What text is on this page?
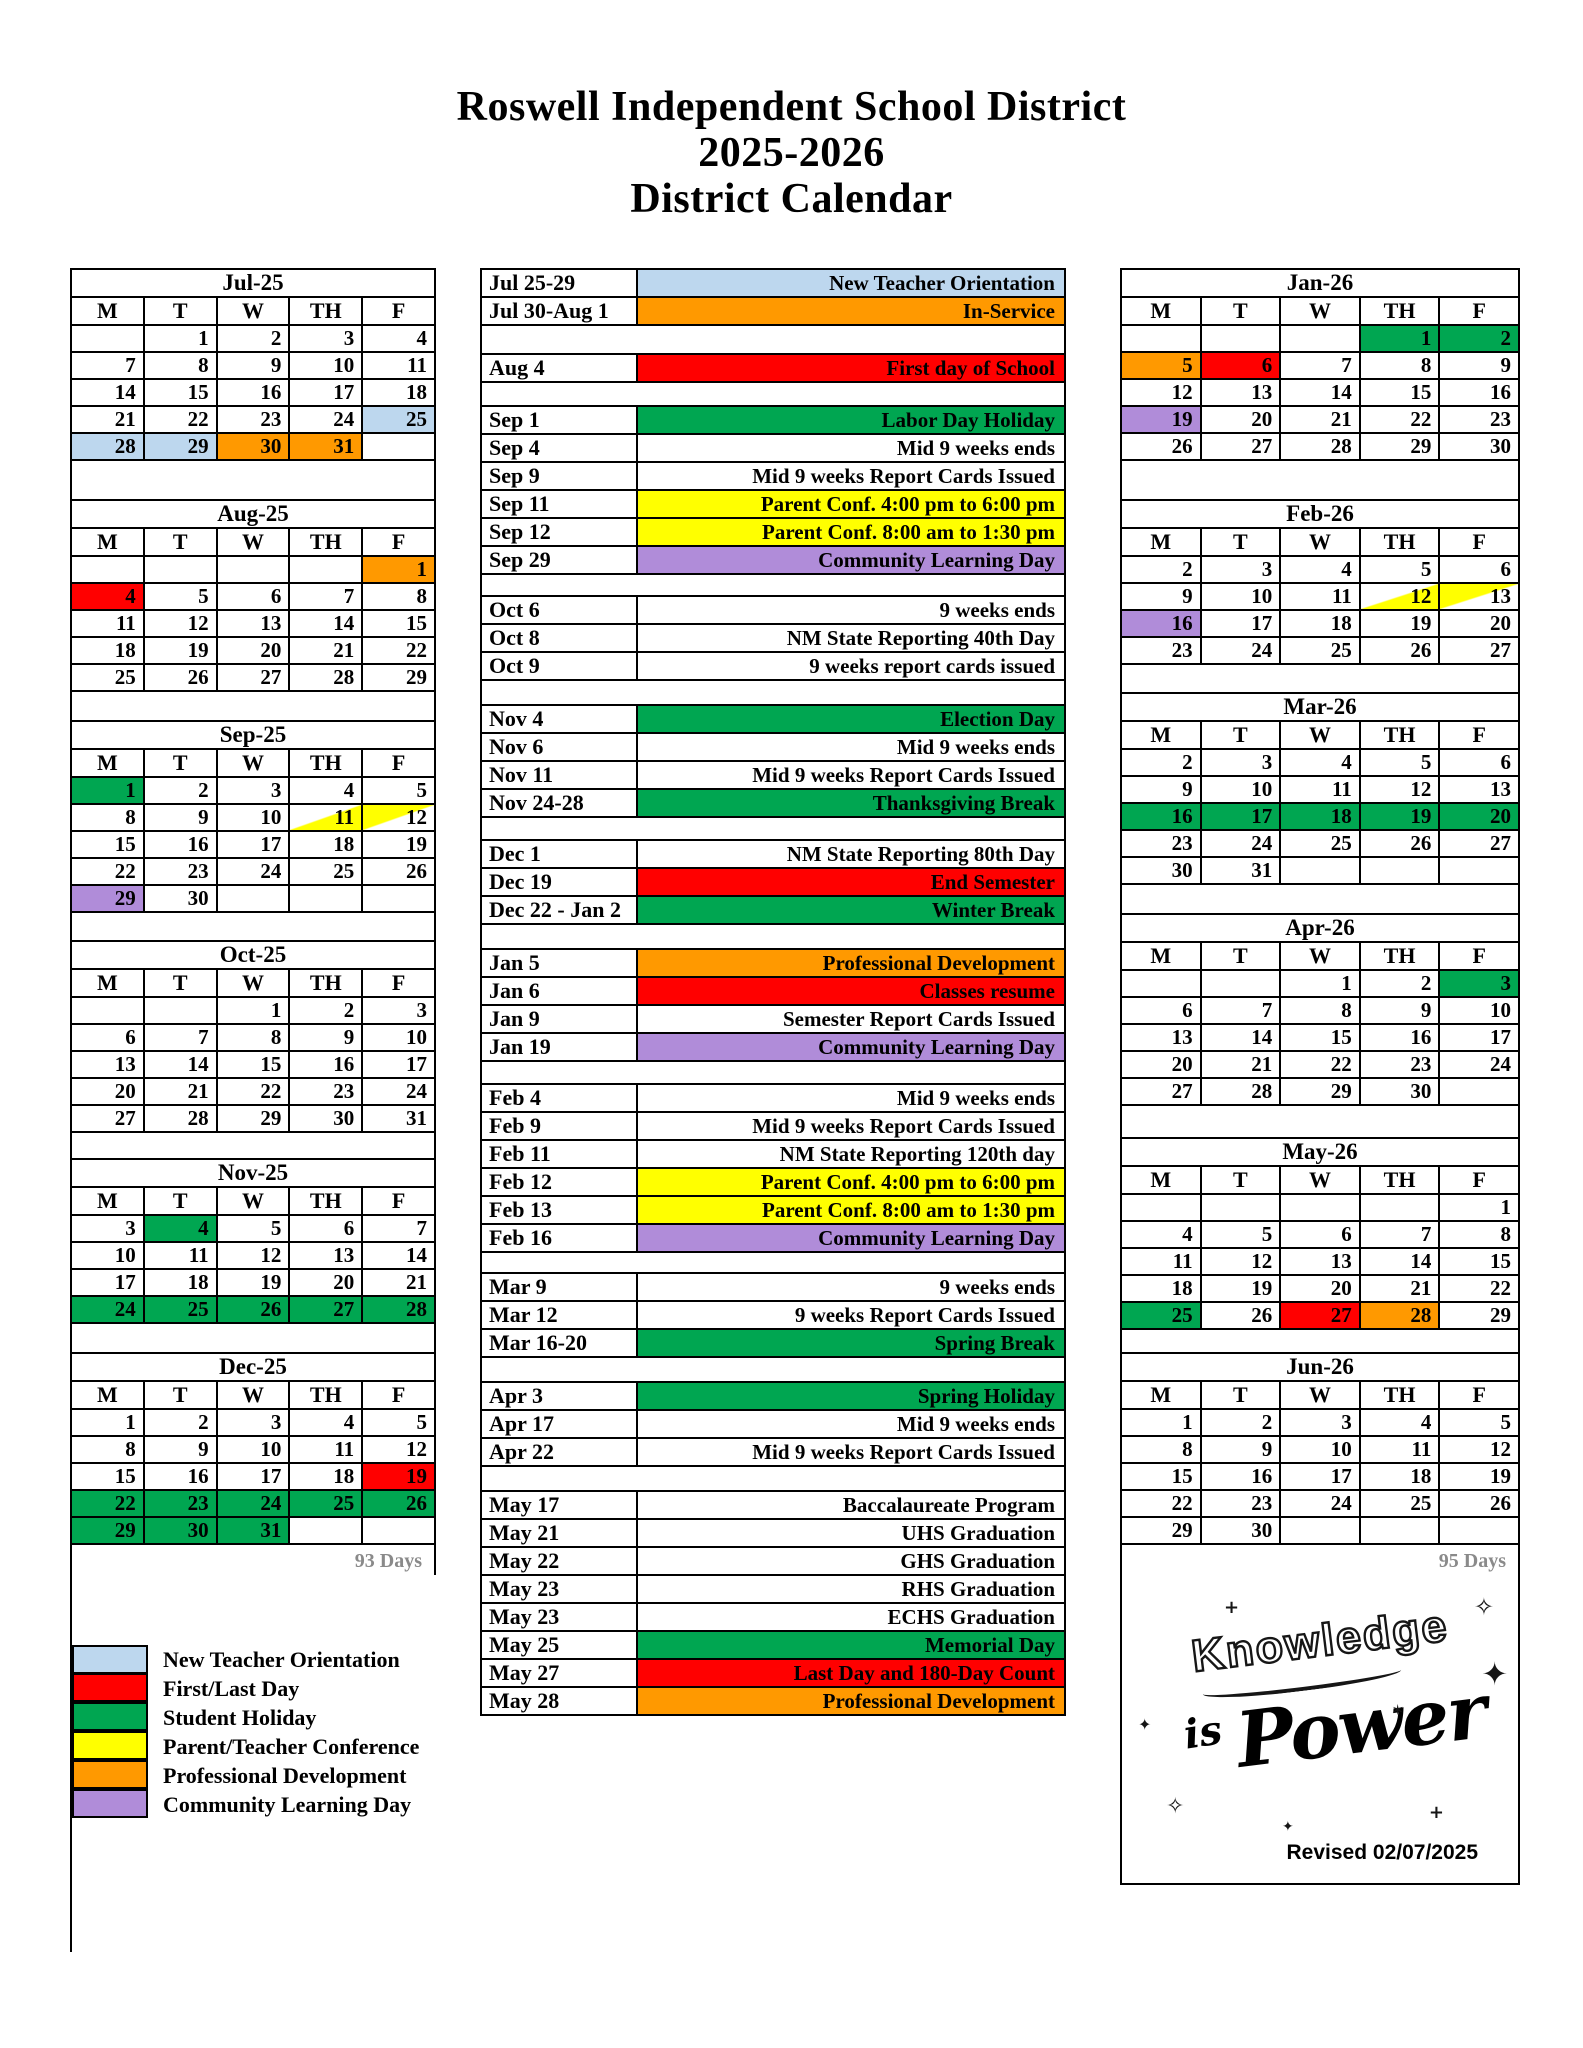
Roswell Independent School District
2025-2026
District Calendar
Jul-25				
M	T	W	TH	F
	1	2	3	4
7	8	9	10	11
14	15	16	17	18
21	22	23	24	25
28	29	30	31	
Aug-25				
M	T	W	TH	F
				1
4	5	6	7	8
11	12	13	14	15
18	19	20	21	22
25	26	27	28	29
Sep-25				
M	T	W	TH	F
1	2	3	4	5
8	9	10	11	12
15	16	17	18	19
22	23	24	25	26
29	30			
Oct-25				
M	T	W	TH	F
		1	2	3
6	7	8	9	10
13	14	15	16	17
20	21	22	23	24
27	28	29	30	31
Nov-25				
M	T	W	TH	F
3	4	5	6	7
10	11	12	13	14
17	18	19	20	21
24	25	26	27	28
Dec-25				
M	T	W	TH	F
1	2	3	4	5
8	9	10	11	12
15	16	17	18	19
22	23	24	25	26
29	30	31		
93 Days
New Teacher Orientation
First/Last Day
Student Holiday
Parent/Teacher Conference
Professional Development
Community Learning Day
Jul 25-29	New Teacher Orientation
Jul 30-Aug 1	In-Service
Aug 4	First day of School
Sep 1	Labor Day Holiday
Sep 4	Mid 9 weeks ends
Sep 9	Mid 9 weeks Report Cards Issued
Sep 11	Parent Conf. 4:00 pm to 6:00 pm
Sep 12	Parent Conf. 8:00 am to 1:30 pm
Sep 29	Community Learning Day
Oct 6	9 weeks ends
Oct 8	NM State Reporting 40th Day
Oct 9	9 weeks report cards issued
Nov 4	Election Day
Nov 6	Mid 9 weeks ends
Nov 11	Mid 9 weeks Report Cards Issued
Nov 24-28	Thanksgiving Break
Dec 1	NM State Reporting 80th Day
Dec 19	End Semester
Dec 22 - Jan 2	Winter Break
Jan 5	Professional Development
Jan 6	Classes resume
Jan 9	Semester Report Cards Issued
Jan 19	Community Learning Day
Feb 4	Mid 9 weeks ends
Feb 9	Mid 9 weeks Report Cards Issued
Feb 11	NM State Reporting 120th day
Feb 12	Parent Conf. 4:00 pm to 6:00 pm
Feb 13	Parent Conf. 8:00 am to 1:30 pm
Feb 16	Community Learning Day
Mar 9	9 weeks ends
Mar 12	9 weeks Report Cards Issued
Mar 16-20	Spring Break
Apr 3	Spring Holiday
Apr 17	Mid 9 weeks ends
Apr 22	Mid 9 weeks Report Cards Issued
May 17	Baccalaureate Program
May 21	UHS Graduation
May 22	GHS Graduation
May 23	RHS Graduation
May 23	ECHS Graduation
May 25	Memorial Day
May 27	Last Day and 180-Day Count
May 28	Professional Development
Jan-26				
M	T	W	TH	F
			1	2
5	6	7	8	9
12	13	14	15	16
19	20	21	22	23
26	27	28	29	30
Feb-26				
M	T	W	TH	F
2	3	4	5	6
9	10	11	12	13
16	17	18	19	20
23	24	25	26	27
Mar-26				
M	T	W	TH	F
2	3	4	5	6
9	10	11	12	13
16	17	18	19	20
23	24	25	26	27
30	31			
Apr-26				
M	T	W	TH	F
		1	2	3
6	7	8	9	10
13	14	15	16	17
20	21	22	23	24
27	28	29	30	
May-26				
M	T	W	TH	F
				1
4	5	6	7	8
11	12	13	14	15
18	19	20	21	22
25	26	27	28	29
Jun-26				
M	T	W	TH	F
1	2	3	4	5
8	9	10	11	12
15	16	17	18	19
22	23	24	25	26
29	30			
95 Days
Knowledge
is Power
✧
✦
+
✦
✧
✦
+
✶
Revised 02/07/2025
